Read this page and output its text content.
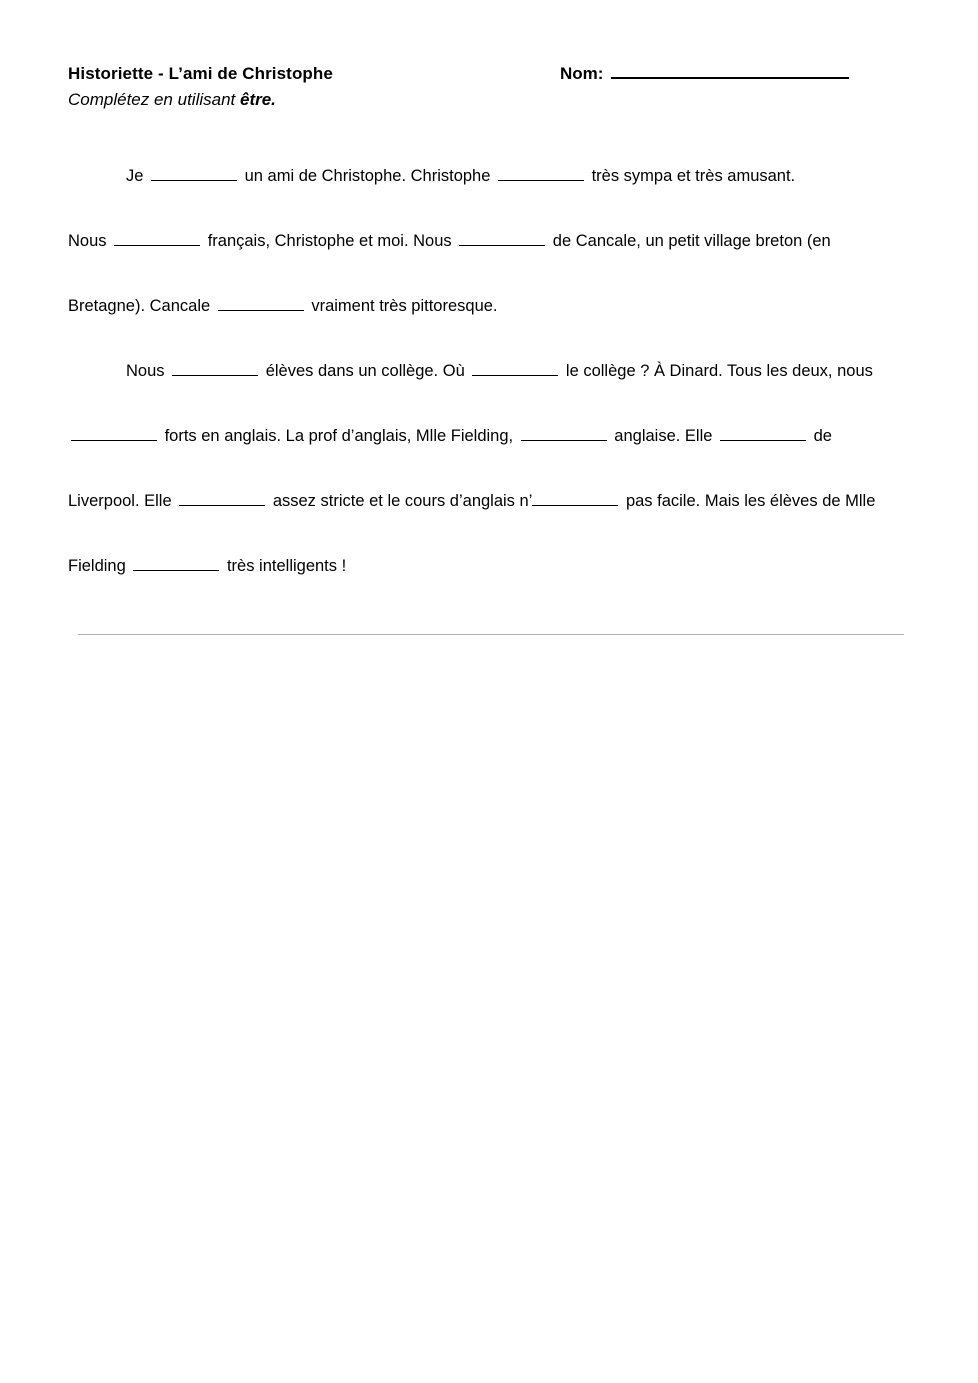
Historiette - L’ami de Christophe	Nom:
Complétez en utilisant être.
Je	un ami de Christophe. Christophe	très sympa et très amusant.
Nous	français, Christophe et moi. Nous	de Cancale, un petit village breton (en Bretagne). Cancale	vraiment très pittoresque.
Nous	élèves dans un collège. Où	le collège ? À Dinard. Tous les deux, nous  forts en anglais. La prof d’anglais, Mlle Fielding,	anglaise. Elle	de Liverpool. Elle	assez stricte et le cours d’anglais n’	pas facile. Mais les élèves de Mlle Fielding	très intelligents !
